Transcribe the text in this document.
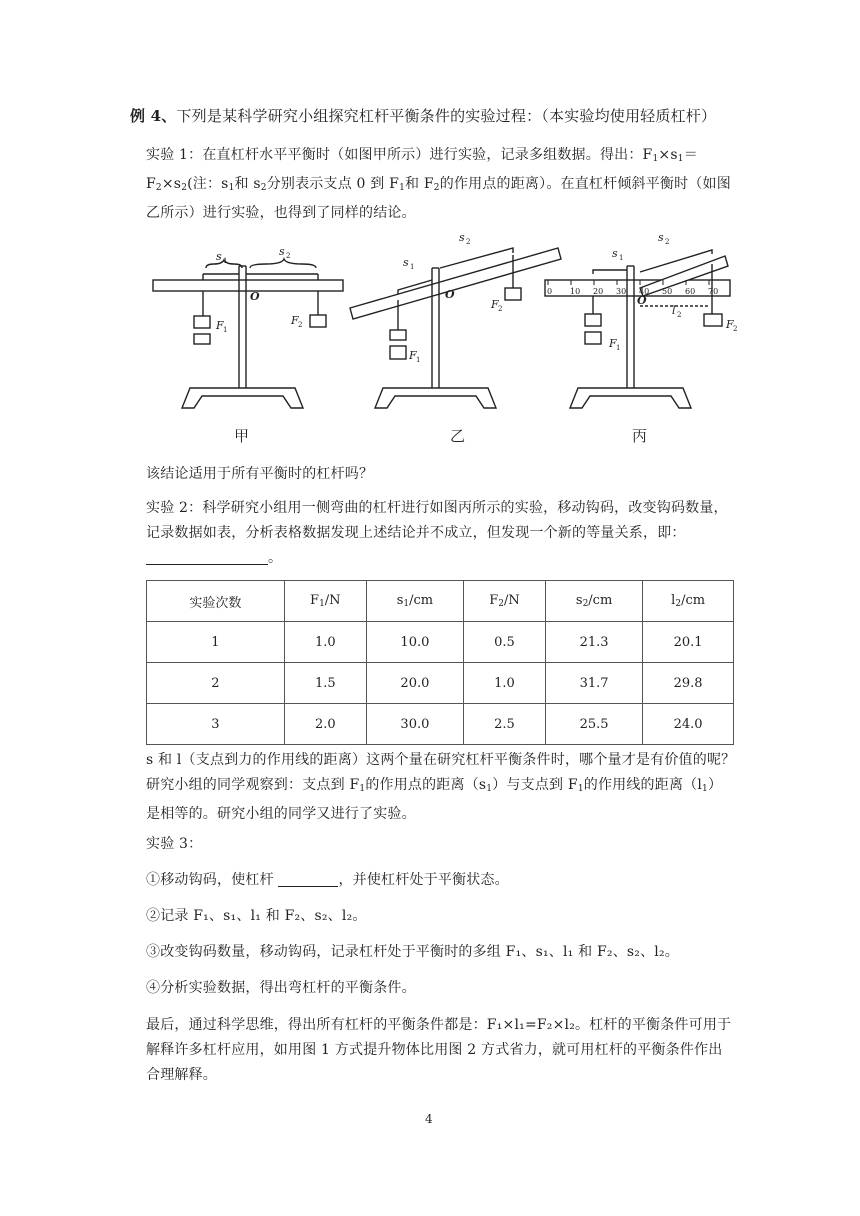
例 4、下列是某科学研究小组探究杠杆平衡条件的实验过程：（本实验均使用轻质杠杆）
实验 1：在直杠杆水平平衡时（如图甲所示）进行实验，记录多组数据。得出：$F_1\times s_1=F_2\times s_2$(注：$s_1$和 $s_2$分别表示支点 0 到 $F_1$和 $F_2$的作用点的距离）。在直杠杆倾斜平衡时（如图乙所示）进行实验，也得到了同样的结论。
s 1
s 2
O
F 1
F 2
s 1
s 2
O
F 1
F 2
s 1
s 2
O
l 2
F 1
F 2
0 10 20 30 40 50 60 70
甲	乙	丙
该结论适用于所有平衡时的杠杆吗？
实验 2：科学研究小组用一侧弯曲的杠杆进行如图丙所示的实验，移动钩码，改变钩码数量，记录数据如表，分析表格数据发现上述结论并不成立，但发现一个新的等量关系，即：。
实验次数	$F_1/N$	$s_1/cm$	$F_2/N$	$s_2/cm$	$l_2/cm$
1	1.0	10.0	0.5	21.3	20.1
2	1.5	20.0	1.0	31.7	29.8
3	2.0	30.0	2.5	25.5	24.0
s 和 l（支点到力的作用线的距离）这两个量在研究杠杆平衡条件时，哪个量才是有价值的呢？研究小组的同学观察到：支点到 $F_1$的作用点的距离$(s_1)$与支点到 $F_1$的作用线的距离$(l_1)$是相等的。研究小组的同学又进行了实验。
实验 3：
①移动钩码，使杠杆	，并使杠杆处于平衡状态。
②记录 F₁、s₁、l₁ 和 F₂、s₂、l₂。
③改变钩码数量，移动钩码，记录杠杆处于平衡时的多组 F₁、s₁、l₁ 和 F₂、s₂、l₂。
④分析实验数据，得出弯杠杆的平衡条件。
最后，通过科学思维，得出所有杠杆的平衡条件都是：F₁×l₁=F₂×l₂。杠杆的平衡条件可用于解释许多杠杆应用，如用图 1 方式提升物体比用图 2 方式省力，就可用杠杆的平衡条件作出合理解释。
4
